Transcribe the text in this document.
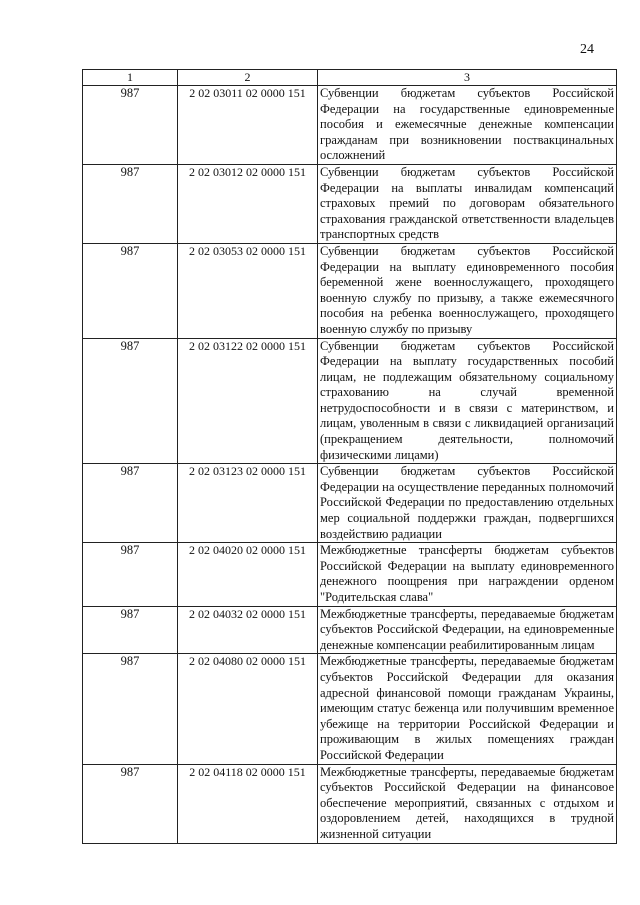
24
1	2	3
987	2 02 03011 02 0000 151	Субвенции бюджетам субъектов Российской Федерации на государственные единовременные пособия и ежемесячные денежные компенсации гражданам при возникновении поствакцинальных осложнений
987	2 02 03012 02 0000 151	Субвенции бюджетам субъектов Российской Федерации на выплаты инвалидам компенсаций страховых премий по договорам обязательного страхования гражданской ответственности владельцев транспортных средств
987	2 02 03053 02 0000 151	Субвенции бюджетам субъектов Российской Федерации на выплату единовременного пособия беременной жене военнослужащего, проходящего военную службу по призыву, а также ежемесячного пособия на ребенка военнослужащего, проходящего военную службу по призыву
987	2 02 03122 02 0000 151	Субвенции бюджетам субъектов Российской Федерации на выплату государственных пособий лицам, не подлежащим обязательному социальному страхованию на случай временной нетрудоспособности и в связи с материнством, и лицам, уволенным в связи с ликвидацией организаций (прекращением деятельности, полномочий физическими лицами)
987	2 02 03123 02 0000 151	Субвенции бюджетам субъектов Российской Федерации на осуществление переданных полномочий Российской Федерации по предоставлению отдельных мер социальной поддержки граждан, подвергшихся воздействию радиации
987	2 02 04020 02 0000 151	Межбюджетные трансферты бюджетам субъектов Российской Федерации на выплату единовременного денежного поощрения при награждении орденом "Родительская слава"
987	2 02 04032 02 0000 151	Межбюджетные трансферты, передаваемые бюджетам субъектов Российской Федерации, на единовременные денежные компенсации реабилитированным лицам
987	2 02 04080 02 0000 151	Межбюджетные трансферты, передаваемые бюджетам субъектов Российской Федерации для оказания адресной финансовой помощи гражданам Украины, имеющим статус беженца или получившим временное убежище на территории Российской Федерации и проживающим в жилых помещениях граждан Российской Федерации
987	2 02 04118 02 0000 151	Межбюджетные трансферты, передаваемые бюджетам субъектов Российской Федерации на финансовое обеспечение мероприятий, связанных с отдыхом и оздоровлением детей, находящихся в трудной жизненной ситуации
